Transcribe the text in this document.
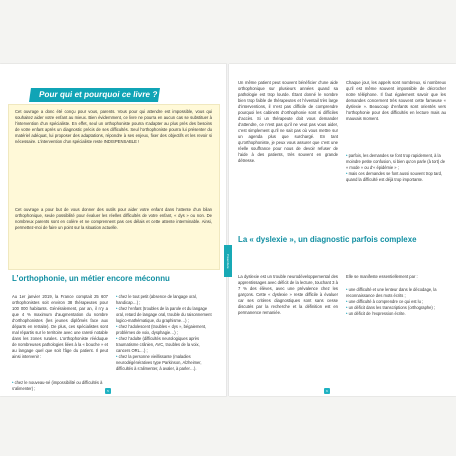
Pour qui et pourquoi ce livre ?
Cet ouvrage a donc été conçu pour vous, parents. Vous pour qui attendre est impossible, vous qui souhaitez aider votre enfant au mieux. Bien évidemment, ce livre ne pourra en aucun cas se substituer à l’intervention d’un spécialiste. En effet, seul un orthophoniste pourra s’adapter au plus près des besoins de votre enfant après un diagnostic précis de ses difficultés. Seul l’orthophoniste pourra lui présenter du matériel adéquat, lui proposer des adaptations, répondre à ses enjeux, fixer des objectifs et les revoir si nécessaire. L’intervention d’un spécialiste reste INDISPENSABLE !
Cet ouvrage a pour but de vous donner des outils pour aider votre enfant dans l’attente d’un bilan orthophonique, seule possibilité pour évaluer les réelles difficultés de votre enfant, « dys » ou non. De nombreux parents sont en colère et ne comprennent pas ces délais et cette attente interminable. Ainsi, permettez-moi de faire un point sur la situation actuelle.
L’orthophonie, un métier encore méconnu
Au 1er janvier 2019, la France comptait 25 607 orthophonistes soit environ 38 thérapeutes pour 100 000 habitants. Généralement, par an, il n’y a que 4 % maximum d’augmentation du nombre d’orthophonistes (les jeunes diplômés face aux départs en retraite). De plus, ces spécialistes sont mal répartis sur le territoire avec une rareté notable dans les zones rurales. L’orthophoniste rééduque de nombreuses pathologies liées à la « bouche » et au langage quel que soit l’âge du patient. Il peut ainsi intervenir :
• chez le nouveau-né (impossibilité ou difficultés à s’alimenter) ;
• chez le tout petit (absence de langage oral, handicap…) ;
• chez l’enfant (troubles de la parole et du langage oral, retard de langage oral, trouble du raisonnement logico-mathématique, du graphisme…) ;
• chez l’adolescent (troubles « dys », bégaiement, problèmes de voix, dysphagie…) ;
• chez l’adulte (difficultés neurologiques après traumatisme crânien, AVC, troubles de la voix, cancers ORL…) ;
• chez la personne vieillissante (maladies neurodégénératives type Parkinson, Alzheimer, difficultés à s’alimenter, à avaler, à parler…).
5
Un même patient peut souvent bénéficier d’une aide orthophonique sur plusieurs années quand sa pathologie est trop lourde. Étant donné le nombre bien trop faible de thérapeutes et l’éventail très large d’interventions, il n’est pas difficile de comprendre pourquoi les cabinets d’orthophonie sont si difficiles d’accès. Si un thérapeute doit vous demander d’attendre, ce n’est pas qu’il ne veut pas vous aider, c’est simplement qu’il ne sait pas où vous mettre sur un agenda plus que surchargé. En tant qu’orthophoniste, je peux vous assurer que c’est une réelle souffrance pour nous de devoir refuser de l’aide à des patients, très souvent en grande détresse.
Chaque jour, les appels sont nombreux, si nombreux qu’il est même souvent impossible de décrocher notre téléphone. Il faut également savoir que les demandes concernent très souvent cette fameuse « dyslexie ». Beaucoup d’enfants sont orientés vers l’orthophonie pour des difficultés en lecture mais au mauvais moment.
• parfois, les demandes se font trop rapidement, à la moindre petite confusion, si bien qu’on parle (à tort) de « mode » ou d’« épidémie » ;
• mais ces demandes se font aussi souvent trop tard, quand la difficulté est déjà trop importante.
La « dyslexie », un diagnostic parfois complexe
La dyslexie est un trouble neurodéveloppemental des apprentissages avec déficit de la lecture, touchant 3 à 7 % des élèves, avec une prévalence chez les garçons. Cette « dyslexie » reste difficile à évaluer car ses critères diagnostiques sont sans cesse discutés par la recherche et la définition est en permanence remaniée.
Elle se manifeste essentiellement par :
• une difficulté et une lenteur dans le décodage, la reconnaissance des mots écrits ;
• une difficulté à comprendre ce qui est lu ;
• un déficit dans les transcriptions (orthographe) ;
• un déficit de l’expression écrite.
Préambule
6
